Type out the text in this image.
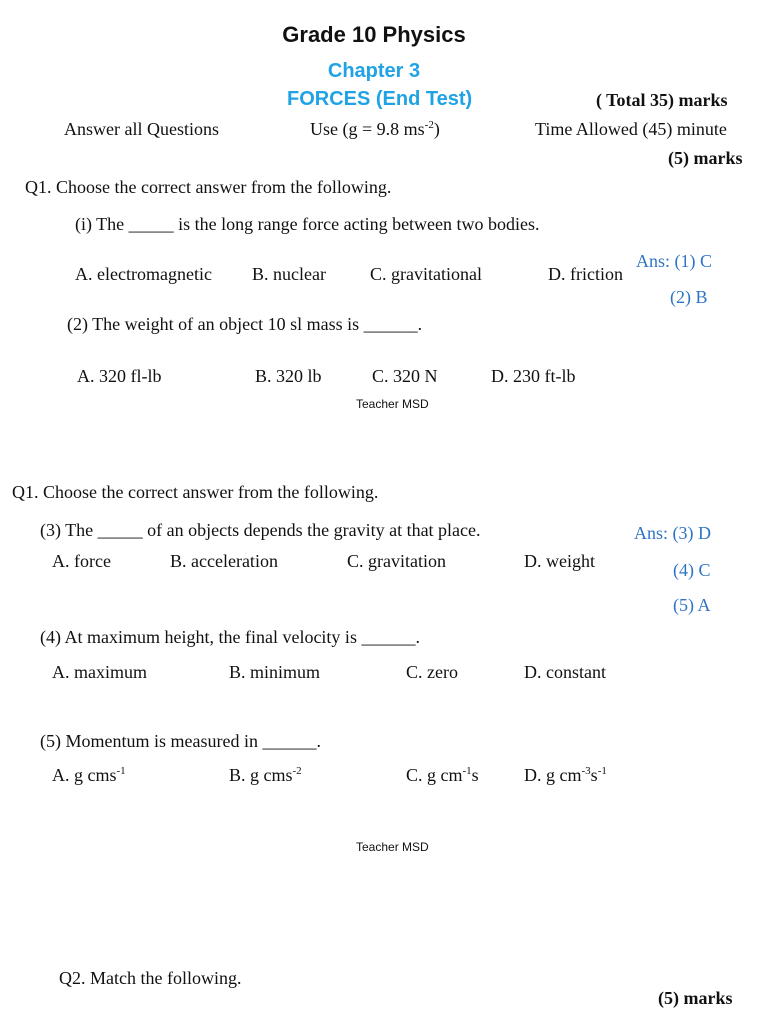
Grade 10 Physics
Chapter 3
FORCES (End Test)	( Total 35) marks
Answer all Questions	Use (g = 9.8 $ms^{-2}$)	Time Allowed (45) minute
(5) marks
Q1. Choose the correct answer from the following.
(i) The _____ is the long range force acting between two bodies.
A. electromagnetic B. nuclear C. gravitational	D. friction
Ans: (1) C
(2) B
(2) The weight of an object 10 sl mass is ______.
A. 320 fl-lb	B. 320 lb	C. 320 N	D. 230 ft-lb
Teacher MSD
Q1. Choose the correct answer from the following.
(3) The _____ of an objects depends the gravity at that place.
A. force	B. acceleration	C. gravitation	D. weight
Ans: (3) D
(4) C
(5) A
(4) At maximum height, the final velocity is ______.
A. maximum	B. minimum	C. zero	D. constant
(5) Momentum is measured in ______.
A. g cms$^{-1}$	B. g cms$^{-2}$	C. g $cm^{-1}s$	D. g $cm^{-3}s^{-1}$
Teacher MSD
Q2. Match the following.
(5) marks
